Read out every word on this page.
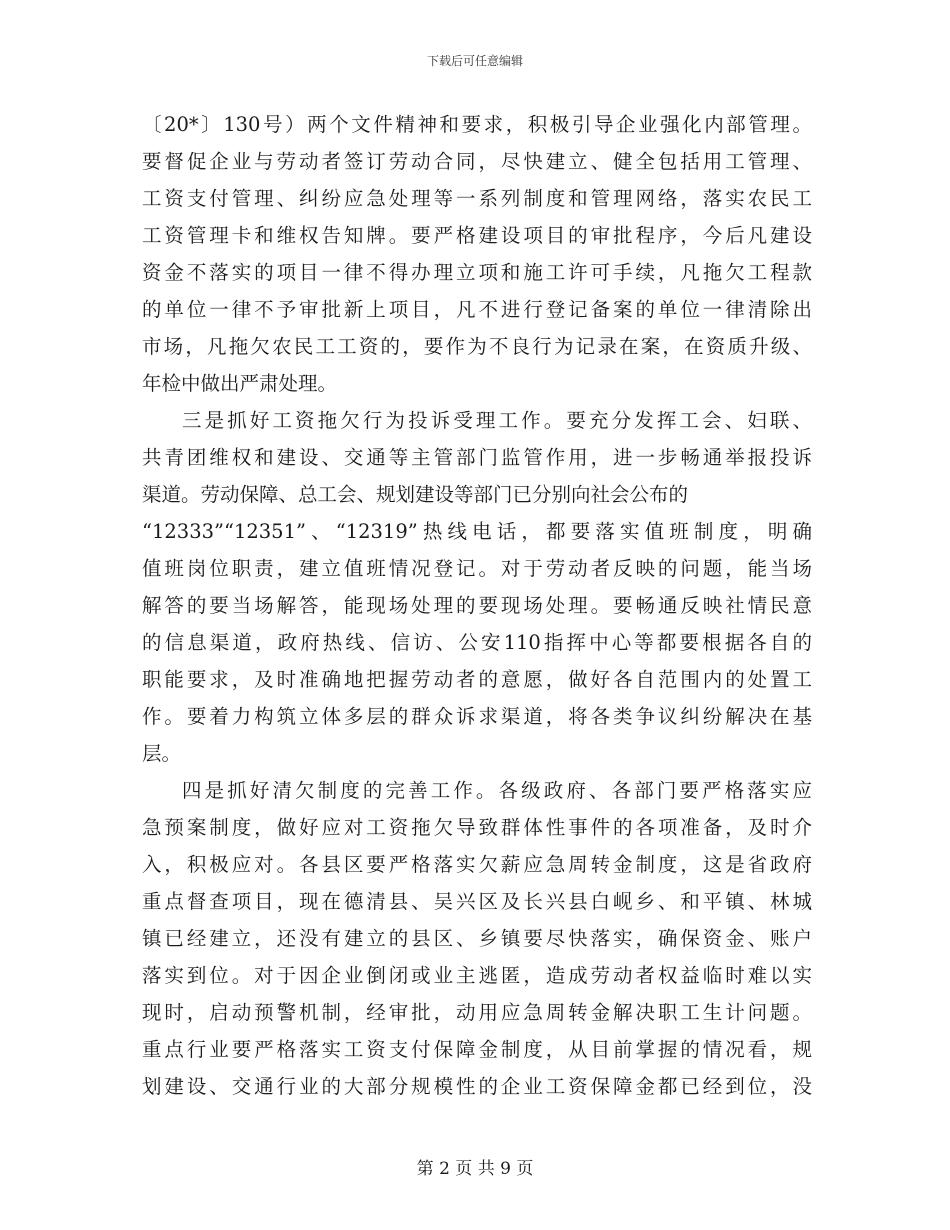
下载后可任意编辑
〔20*〕130号）两个文件精神和要求，积极引导企业强化内部管理。
要督促企业与劳动者签订劳动合同，尽快建立、健全包括用工管理、
工资支付管理、纠纷应急处理等一系列制度和管理网络，落实农民工
工资管理卡和维权告知牌。要严格建设项目的审批程序，今后凡建设
资金不落实的项目一律不得办理立项和施工许可手续，凡拖欠工程款
的单位一律不予审批新上项目，凡不进行登记备案的单位一律清除出
市场，凡拖欠农民工工资的，要作为不良行为记录在案，在资质升级、
年检中做出严肃处理。
三是抓好工资拖欠行为投诉受理工作。要充分发挥工会、妇联、
共青团维权和建设、交通等主管部门监管作用，进一步畅通举报投诉
渠道。劳动保障、总工会、规划建设等部门已分别向社会公布的
“12333”“12351”、“12319”热线电话，都要落实值班制度，明确
值班岗位职责，建立值班情况登记。对于劳动者反映的问题，能当场
解答的要当场解答，能现场处理的要现场处理。要畅通反映社情民意
的信息渠道，政府热线、信访、公安110指挥中心等都要根据各自的
职能要求，及时准确地把握劳动者的意愿，做好各自范围内的处置工
作。要着力构筑立体多层的群众诉求渠道，将各类争议纠纷解决在基
层。
四是抓好清欠制度的完善工作。各级政府、各部门要严格落实应
急预案制度，做好应对工资拖欠导致群体性事件的各项准备，及时介
入，积极应对。各县区要严格落实欠薪应急周转金制度，这是省政府
重点督查项目，现在德清县、吴兴区及长兴县白岘乡、和平镇、林城
镇已经建立，还没有建立的县区、乡镇要尽快落实，确保资金、账户
落实到位。对于因企业倒闭或业主逃匿，造成劳动者权益临时难以实
现时，启动预警机制，经审批，动用应急周转金解决职工生计问题。
重点行业要严格落实工资支付保障金制度，从目前掌握的情况看，规
划建设、交通行业的大部分规模性的企业工资保障金都已经到位，没
第 2 页 共 9 页
